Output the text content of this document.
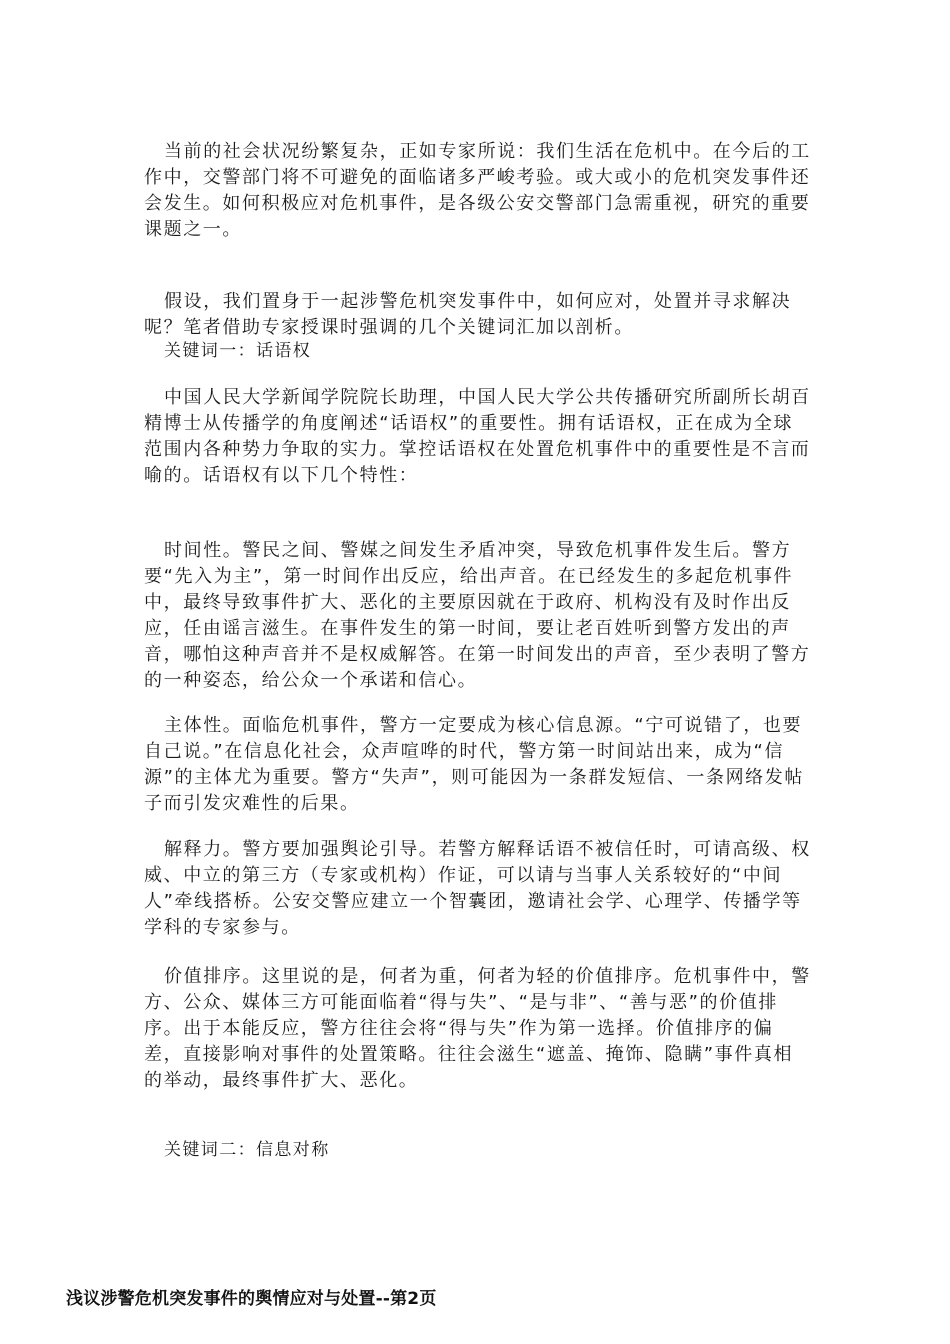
当前的社会状况纷繁复杂，正如专家所说：我们生活在危机中。在今后的工作中，交警部门将不可避免的面临诸多严峻考验。或大或小的危机突发事件还会发生。如何积极应对危机事件，是各级公安交警部门急需重视，研究的重要课题之一。

假设，我们置身于一起涉警危机突发事件中，如何应对，处置并寻求解决呢？笔者借助专家授课时强调的几个关键词汇加以剖析。

关键词一：话语权

中国人民大学新闻学院院长助理，中国人民大学公共传播研究所副所长胡百精博士从传播学的角度阐述“话语权”的重要性。拥有话语权，正在成为全球范围内各种势力争取的实力。掌控话语权在处置危机事件中的重要性是不言而喻的。话语权有以下几个特性：

时间性。警民之间、警媒之间发生矛盾冲突，导致危机事件发生后。警方要“先入为主”，第一时间作出反应，给出声音。在已经发生的多起危机事件中，最终导致事件扩大、恶化的主要原因就在于政府、机构没有及时作出反应，任由谣言滋生。在事件发生的第一时间，要让老百姓听到警方发出的声音，哪怕这种声音并不是权威解答。在第一时间发出的声音，至少表明了警方的一种姿态，给公众一个承诺和信心。

主体性。面临危机事件，警方一定要成为核心信息源。“宁可说错了，也要自己说。”在信息化社会，众声喧哗的时代，警方第一时间站出来，成为“信源”的主体尤为重要。警方“失声”，则可能因为一条群发短信、一条网络发帖子而引发灾难性的后果。

解释力。警方要加强舆论引导。若警方解释话语不被信任时，可请高级、权威、中立的第三方（专家或机构）作证，可以请与当事人关系较好的“中间人”牵线搭桥。公安交警应建立一个智囊团，邀请社会学、心理学、传播学等学科的专家参与。

价值排序。这里说的是，何者为重，何者为轻的价值排序。危机事件中，警方、公众、媒体三方可能面临着“得与失”、“是与非”、“善与恶”的价值排序。出于本能反应，警方往往会将“得与失”作为第一选择。价值排序的偏差，直接影响对事件的处置策略。往往会滋生“遮盖、掩饰、隐瞒”事件真相的举动，最终事件扩大、恶化。

关键词二：信息对称

浅议涉警危机突发事件的舆情应对与处置--第2页
